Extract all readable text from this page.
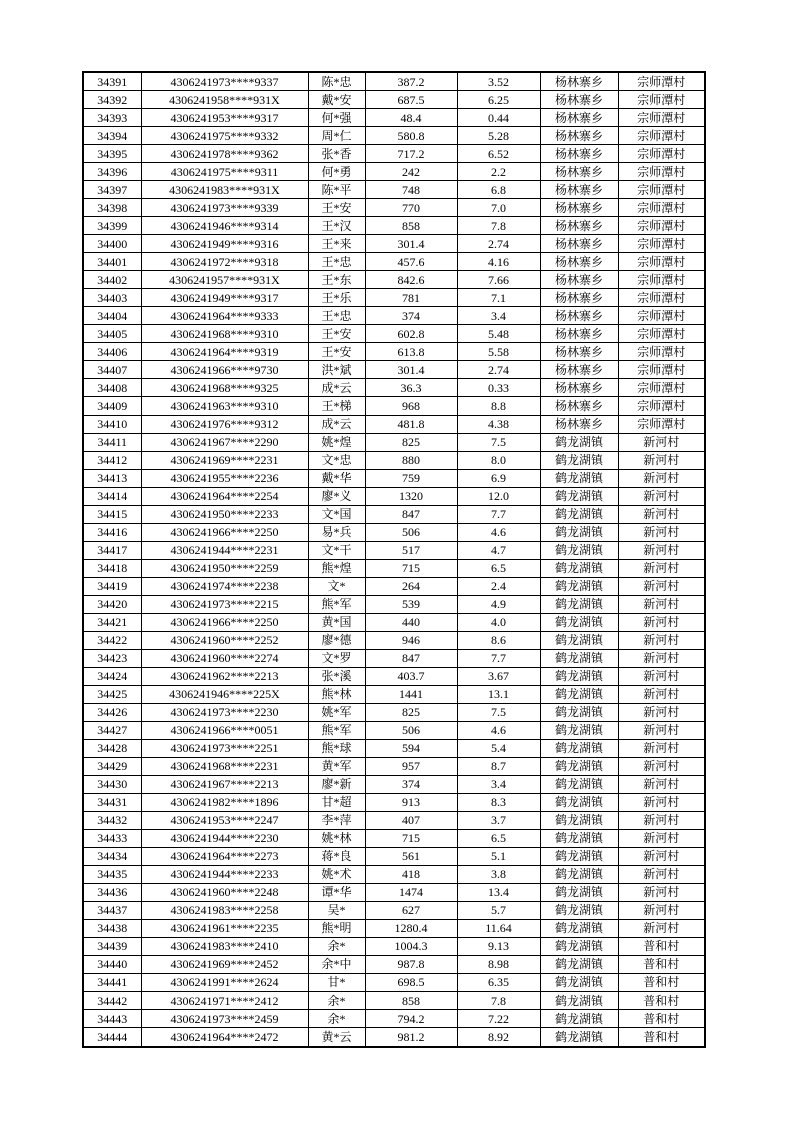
34391	4306241973****9337	陈*忠	387.2	3.52	杨林寨乡	宗师潭村
34392	4306241958****931X	戴*安	687.5	6.25	杨林寨乡	宗师潭村
34393	4306241953****9317	何*强	48.4	0.44	杨林寨乡	宗师潭村
34394	4306241975****9332	周*仁	580.8	5.28	杨林寨乡	宗师潭村
34395	4306241978****9362	张*香	717.2	6.52	杨林寨乡	宗师潭村
34396	4306241975****9311	何*勇	242	2.2	杨林寨乡	宗师潭村
34397	4306241983****931X	陈*平	748	6.8	杨林寨乡	宗师潭村
34398	4306241973****9339	王*安	770	7.0	杨林寨乡	宗师潭村
34399	4306241946****9314	王*汉	858	7.8	杨林寨乡	宗师潭村
34400	4306241949****9316	王*来	301.4	2.74	杨林寨乡	宗师潭村
34401	4306241972****9318	王*忠	457.6	4.16	杨林寨乡	宗师潭村
34402	4306241957****931X	王*东	842.6	7.66	杨林寨乡	宗师潭村
34403	4306241949****9317	王*乐	781	7.1	杨林寨乡	宗师潭村
34404	4306241964****9333	王*忠	374	3.4	杨林寨乡	宗师潭村
34405	4306241968****9310	王*安	602.8	5.48	杨林寨乡	宗师潭村
34406	4306241964****9319	王*安	613.8	5.58	杨林寨乡	宗师潭村
34407	4306241966****9730	洪*斌	301.4	2.74	杨林寨乡	宗师潭村
34408	4306241968****9325	成*云	36.3	0.33	杨林寨乡	宗师潭村
34409	4306241963****9310	王*梯	968	8.8	杨林寨乡	宗师潭村
34410	4306241976****9312	成*云	481.8	4.38	杨林寨乡	宗师潭村
34411	4306241967****2290	姚*煌	825	7.5	鹤龙湖镇	新河村
34412	4306241969****2231	文*忠	880	8.0	鹤龙湖镇	新河村
34413	4306241955****2236	戴*华	759	6.9	鹤龙湖镇	新河村
34414	4306241964****2254	廖*义	1320	12.0	鹤龙湖镇	新河村
34415	4306241950****2233	文*国	847	7.7	鹤龙湖镇	新河村
34416	4306241966****2250	易*兵	506	4.6	鹤龙湖镇	新河村
34417	4306241944****2231	文*干	517	4.7	鹤龙湖镇	新河村
34418	4306241950****2259	熊*煌	715	6.5	鹤龙湖镇	新河村
34419	4306241974****2238	文*	264	2.4	鹤龙湖镇	新河村
34420	4306241973****2215	熊*军	539	4.9	鹤龙湖镇	新河村
34421	4306241966****2250	黄*国	440	4.0	鹤龙湖镇	新河村
34422	4306241960****2252	廖*德	946	8.6	鹤龙湖镇	新河村
34423	4306241960****2274	文*罗	847	7.7	鹤龙湖镇	新河村
34424	4306241962****2213	张*溪	403.7	3.67	鹤龙湖镇	新河村
34425	4306241946****225X	熊*林	1441	13.1	鹤龙湖镇	新河村
34426	4306241973****2230	姚*军	825	7.5	鹤龙湖镇	新河村
34427	4306241966****0051	熊*军	506	4.6	鹤龙湖镇	新河村
34428	4306241973****2251	熊*球	594	5.4	鹤龙湖镇	新河村
34429	4306241968****2231	黄*军	957	8.7	鹤龙湖镇	新河村
34430	4306241967****2213	廖*新	374	3.4	鹤龙湖镇	新河村
34431	4306241982****1896	甘*超	913	8.3	鹤龙湖镇	新河村
34432	4306241953****2247	李*萍	407	3.7	鹤龙湖镇	新河村
34433	4306241944****2230	姚*林	715	6.5	鹤龙湖镇	新河村
34434	4306241964****2273	蒋*良	561	5.1	鹤龙湖镇	新河村
34435	4306241944****2233	姚*术	418	3.8	鹤龙湖镇	新河村
34436	4306241960****2248	谭*华	1474	13.4	鹤龙湖镇	新河村
34437	4306241983****2258	吴*	627	5.7	鹤龙湖镇	新河村
34438	4306241961****2235	熊*明	1280.4	11.64	鹤龙湖镇	新河村
34439	4306241983****2410	余*	1004.3	9.13	鹤龙湖镇	普和村
34440	4306241969****2452	余*中	987.8	8.98	鹤龙湖镇	普和村
34441	4306241991****2624	甘*	698.5	6.35	鹤龙湖镇	普和村
34442	4306241971****2412	余*	858	7.8	鹤龙湖镇	普和村
34443	4306241973****2459	余*	794.2	7.22	鹤龙湖镇	普和村
34444	4306241964****2472	黄*云	981.2	8.92	鹤龙湖镇	普和村
